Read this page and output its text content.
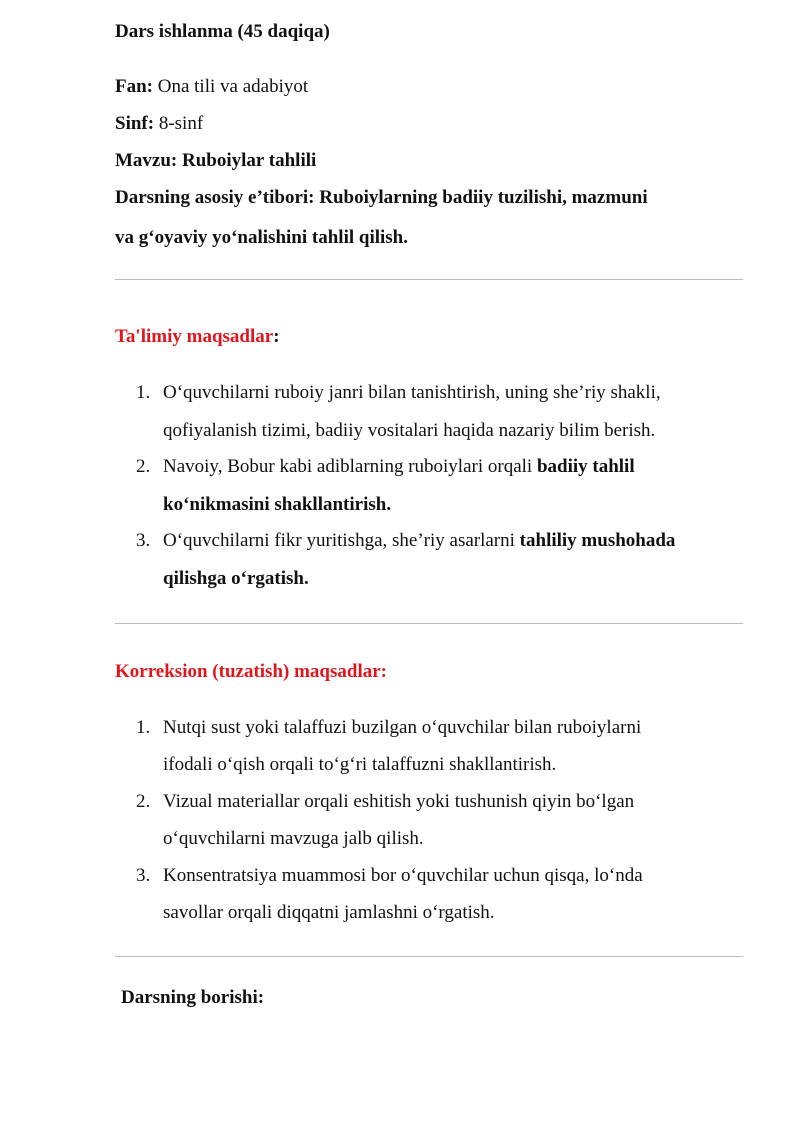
Dars ishlanma (45 daqiqa)
Fan: Ona tili va adabiyot
Sinf: 8-sinf
Mavzu: Ruboiylar tahlili
Darsning asosiy e’tibori: Ruboiylarning badiiy tuzilishi, mazmuni
va g‘oyaviy yo‘nalishini tahlil qilish.
Ta'limiy maqsadlar:
1. O‘quvchilarni ruboiy janri bilan tanishtirish, uning she’riy shakli,
qofiyalanish tizimi, badiiy vositalari haqida nazariy bilim berish.
2. Navoiy, Bobur kabi adiblarning ruboiylari orqali badiiy tahlil
ko‘nikmasini shakllantirish.
3. O‘quvchilarni fikr yuritishga, she’riy asarlarni tahliliy mushohada
qilishga o‘rgatish.
Korreksion (tuzatish) maqsadlar:
1. Nutqi sust yoki talaffuzi buzilgan o‘quvchilar bilan ruboiylarni
ifodali o‘qish orqali to‘g‘ri talaffuzni shakllantirish.
2. Vizual materiallar orqali eshitish yoki tushunish qiyin bo‘lgan
o‘quvchilarni mavzuga jalb qilish.
3. Konsentratsiya muammosi bor o‘quvchilar uchun qisqa, lo‘nda
savollar orqali diqqatni jamlashni o‘rgatish.
Darsning borishi:
